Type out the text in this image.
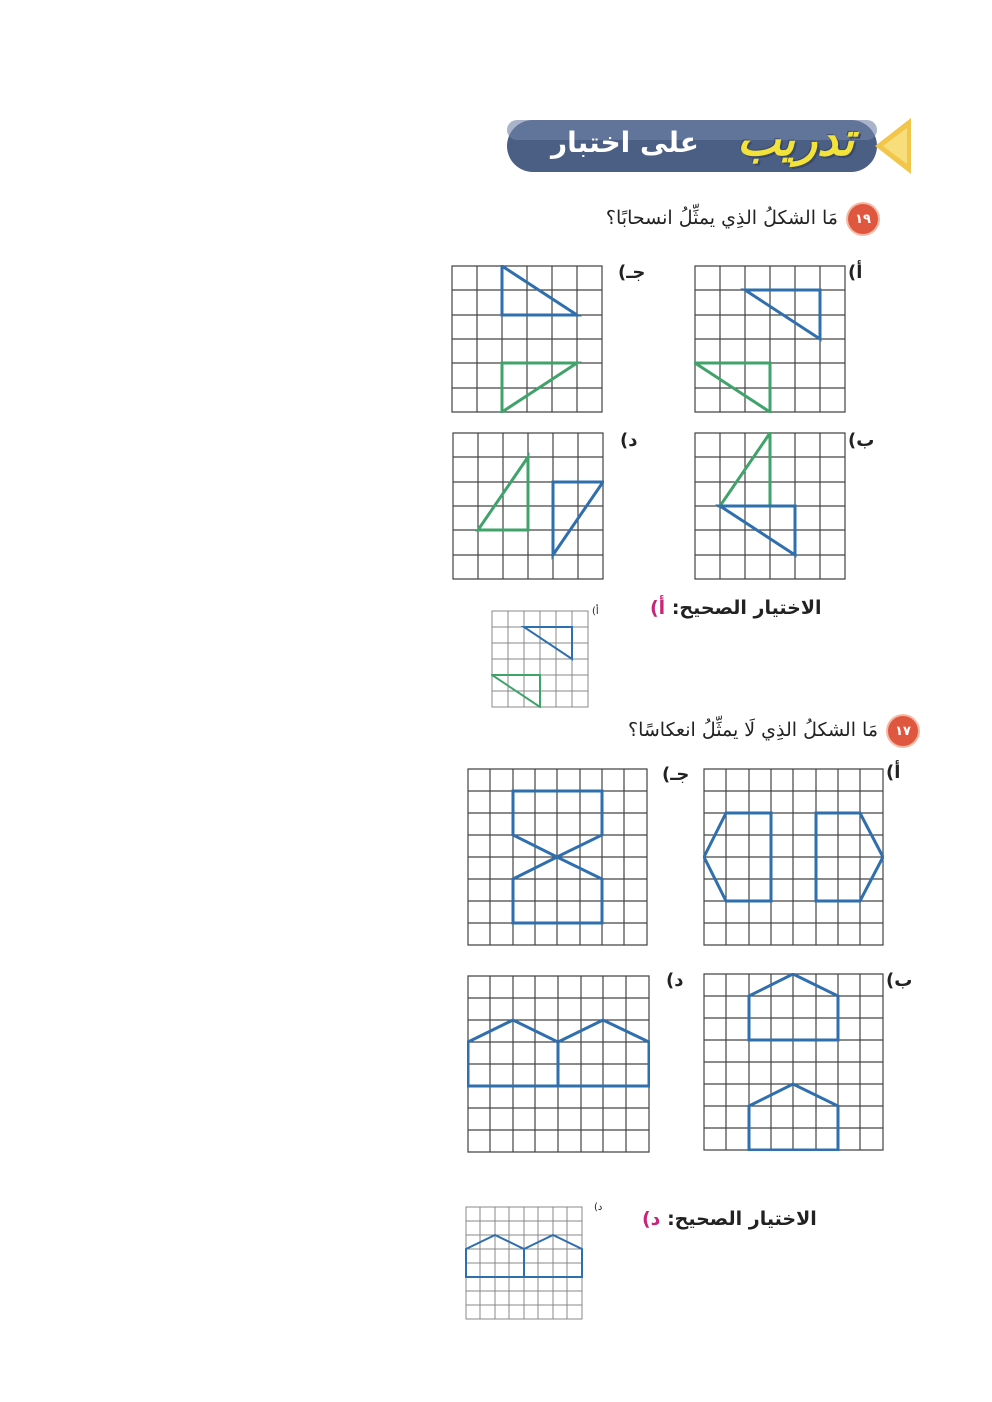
على اختبار تدريب
١٩
مَا الشكلُ الذِي يمثِّلُ انسحابًا؟
أ)
جـ)
ب)
د)
الاختيار الصحيح: أ)
أ)
١٧
مَا الشكلُ الذِي لَا يمثِّلُ انعكاسًا؟
أ)
جـ)
ب)
د)
الاختيار الصحيح: د)
د)
